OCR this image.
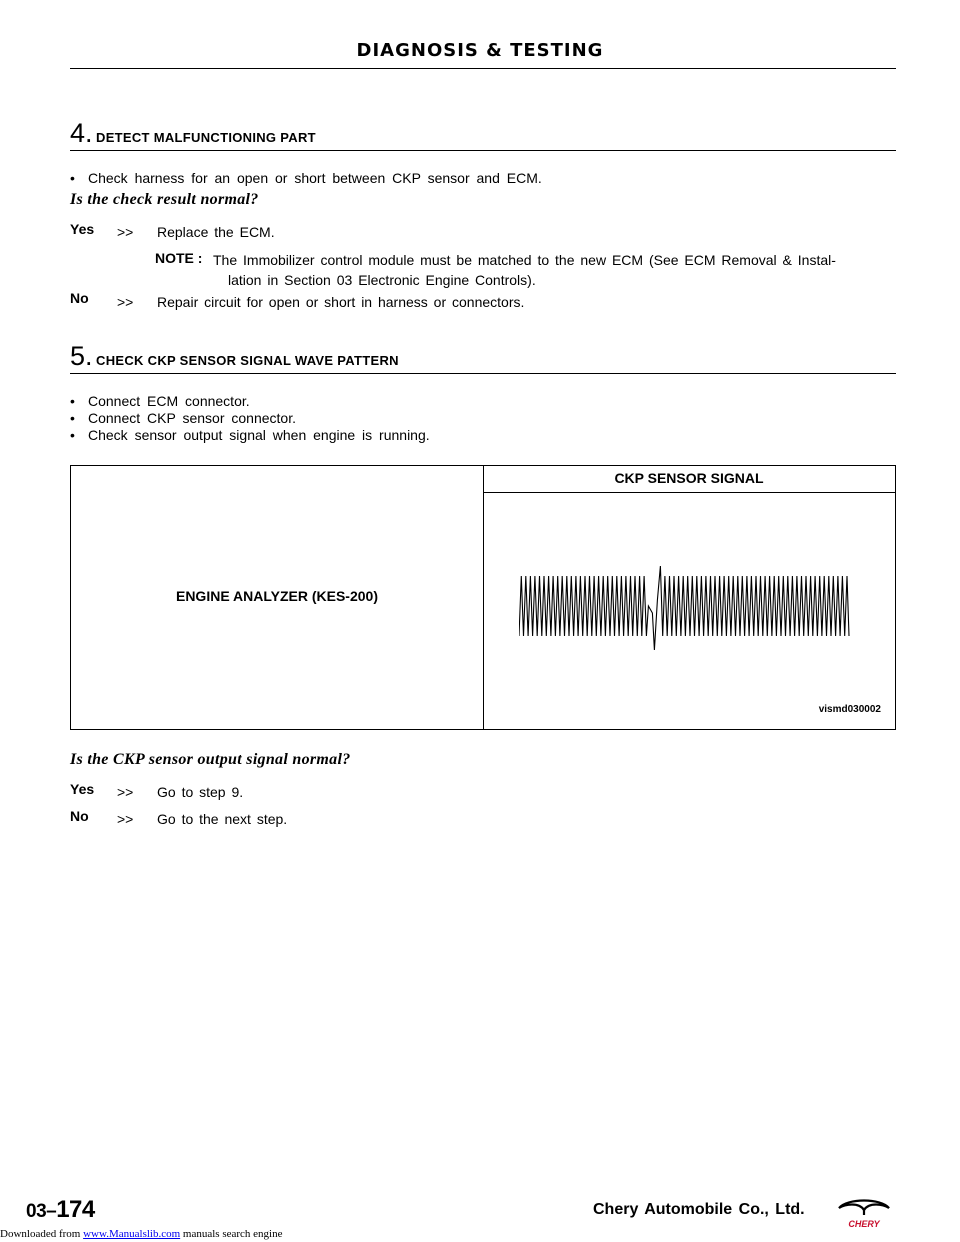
DIAGNOSIS & TESTING
4. DETECT MALFUNCTIONING PART
• Check harness for an open or short between CKP sensor and ECM.
Is the check result normal?
Yes >> Replace the ECM.
NOTE : The Immobilizer control module must be matched to the new ECM (See ECM Removal & Instal-
lation in Section 03 Electronic Engine Controls).
No >> Repair circuit for open or short in harness or connectors.
5. CHECK CKP SENSOR SIGNAL WAVE PATTERN
• Connect ECM connector.
• Connect CKP sensor connector.
• Check sensor output signal when engine is running.
CKP SENSOR SIGNAL
ENGINE ANALYZER (KES-200)
vismd030002
Is the CKP sensor output signal normal?
Yes >> Go to step 9.
No >> Go to the next step.
03–174	Chery Automobile Co., Ltd.
CHERY
Downloaded from www.Manualslib.com manuals search engine
